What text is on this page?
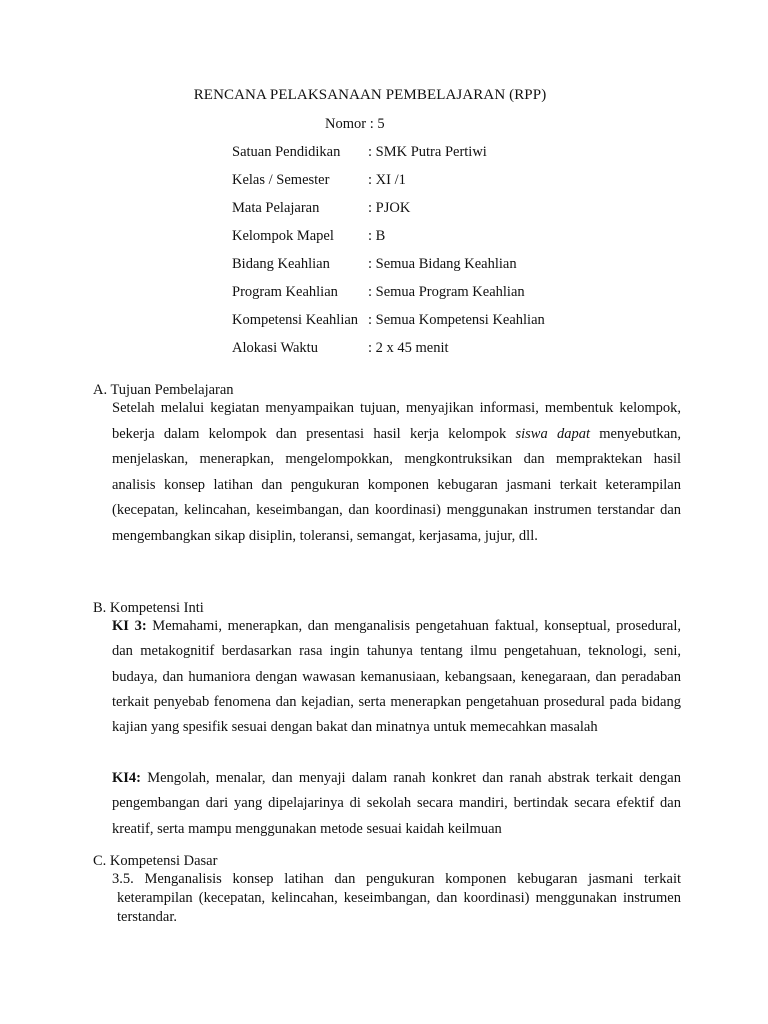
RENCANA PELAKSANAAN PEMBELAJARAN (RPP)
Nomor : 5
Satuan Pendidikan	: SMK Putra Pertiwi
Kelas / Semester	: XI /1
Mata Pelajaran	: PJOK
Kelompok Mapel	: B
Bidang Keahlian	: Semua Bidang Keahlian
Program Keahlian	: Semua Program Keahlian
Kompetensi Keahlian : Semua Kompetensi Keahlian
Alokasi Waktu	: 2 x 45 menit
A. Tujuan Pembelajaran

Setelah melalui kegiatan menyampaikan tujuan, menyajikan informasi, membentuk kelompok, bekerja dalam kelompok dan presentasi hasil kerja kelompok siswa dapat menyebutkan, menjelaskan, menerapkan, mengelompokkan, mengkontruksikan dan mempraktekan hasil analisis konsep latihan dan pengukuran komponen kebugaran jasmani terkait keterampilan (kecepatan, kelincahan, keseimbangan, dan koordinasi) menggunakan instrumen terstandar dan mengembangkan sikap disiplin, toleransi, semangat, kerjasama, jujur, dll.

B. Kompetensi Inti

KI 3: Memahami, menerapkan, dan menganalisis pengetahuan faktual, konseptual, prosedural, dan metakognitif berdasarkan rasa ingin tahunya tentang ilmu pengetahuan, teknologi, seni, budaya, dan humaniora dengan wawasan kemanusiaan, kebangsaan, kenegaraan, dan peradaban terkait penyebab fenomena dan kejadian, serta menerapkan pengetahuan prosedural pada bidang kajian yang spesifik sesuai dengan bakat dan minatnya untuk memecahkan masalah

KI4: Mengolah, menalar, dan menyaji dalam ranah konkret dan ranah abstrak terkait dengan pengembangan dari yang dipelajarinya di sekolah secara mandiri, bertindak secara efektif dan kreatif, serta mampu menggunakan metode sesuai kaidah keilmuan

C. Kompetensi Dasar

3.5. Menganalisis konsep latihan dan pengukuran komponen kebugaran jasmani terkait keterampilan (kecepatan, kelincahan, keseimbangan, dan koordinasi) menggunakan instrumen terstandar.
